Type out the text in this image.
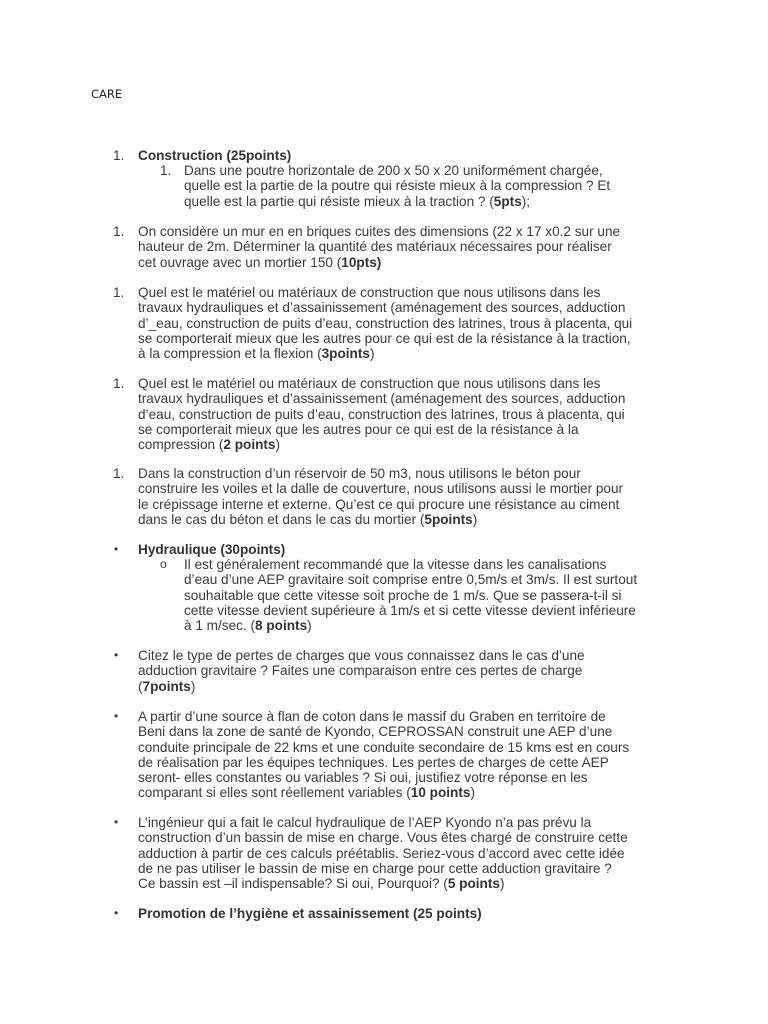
CARE
1.	Construction (25points)
1. Dans une poutre horizontale de 200 x 50 x 20 uniformément chargée,
quelle est la partie de la poutre qui résiste mieux à la compression ? Et
quelle est la partie qui résiste mieux à la traction ? (5pts);
1.	On considère un mur en en briques cuites des dimensions (22 x 17 x0.2 sur une
hauteur de 2m. Déterminer la quantité des matériaux nécessaires pour réaliser
cet ouvrage avec un mortier 150 (10pts)
1.	Quel est le matériel ou matériaux de construction que nous utilisons dans les
travaux hydrauliques et d’assainissement (aménagement des sources, adduction
d’_eau, construction de puits d’eau, construction des latrines, trous à placenta, qui
se comporterait mieux que les autres pour ce qui est de la résistance à la traction,
à la compression et la flexion (3points)
1.	Quel est le matériel ou matériaux de construction que nous utilisons dans les
travaux hydrauliques et d’assainissement (aménagement des sources, adduction
d’eau, construction de puits d’eau, construction des latrines, trous à placenta, qui
se comporterait mieux que les autres pour ce qui est de la résistance à la
compression (2 points)
1.	Dans la construction d’un réservoir de 50 m3, nous utilisons le béton pour
construire les voiles et la dalle de couverture, nous utilisons aussi le mortier pour
le crépissage interne et externe. Qu’est ce qui procure une résistance au ciment
dans le cas du béton et dans le cas du mortier (5points)
• Hydraulique (30points)
o Il est généralement recommandé que la vitesse dans les canalisations
d’eau d’une AEP gravitaire soit comprise entre 0,5m/s et 3m/s. Il est surtout
souhaitable que cette vitesse soit proche de 1 m/s. Que se passera-t-il si
cette vitesse devient supérieure à 1m/s et si cette vitesse devient inférieure
à 1 m/sec. (8 points)
• Citez le type de pertes de charges que vous connaissez dans le cas d’une
adduction gravitaire ? Faites une comparaison entre ces pertes de charge
(7points)
• A partir d’une source à flan de coton dans le massif du Graben en territoire de
Beni dans la zone de santé de Kyondo, CEPROSSAN construit une AEP d’une
conduite principale de 22 kms et une conduite secondaire de 15 kms est en cours
de réalisation par les équipes techniques. Les pertes de charges de cette AEP
seront- elles constantes ou variables ? Si oui, justifiez votre réponse en les
comparant si elles sont réellement variables (10 points)
• L’ingénieur qui a fait le calcul hydraulique de l’AEP Kyondo n’a pas prévu la
construction d’un bassin de mise en charge. Vous êtes chargé de construire cette
adduction à partir de ces calculs préétablis. Seriez-vous d’accord avec cette idée
de ne pas utiliser le bassin de mise en charge pour cette adduction gravitaire ?
Ce bassin est –il indispensable? Si oui, Pourquoi? (5 points)
• Promotion de l’hygiène et assainissement (25 points)
